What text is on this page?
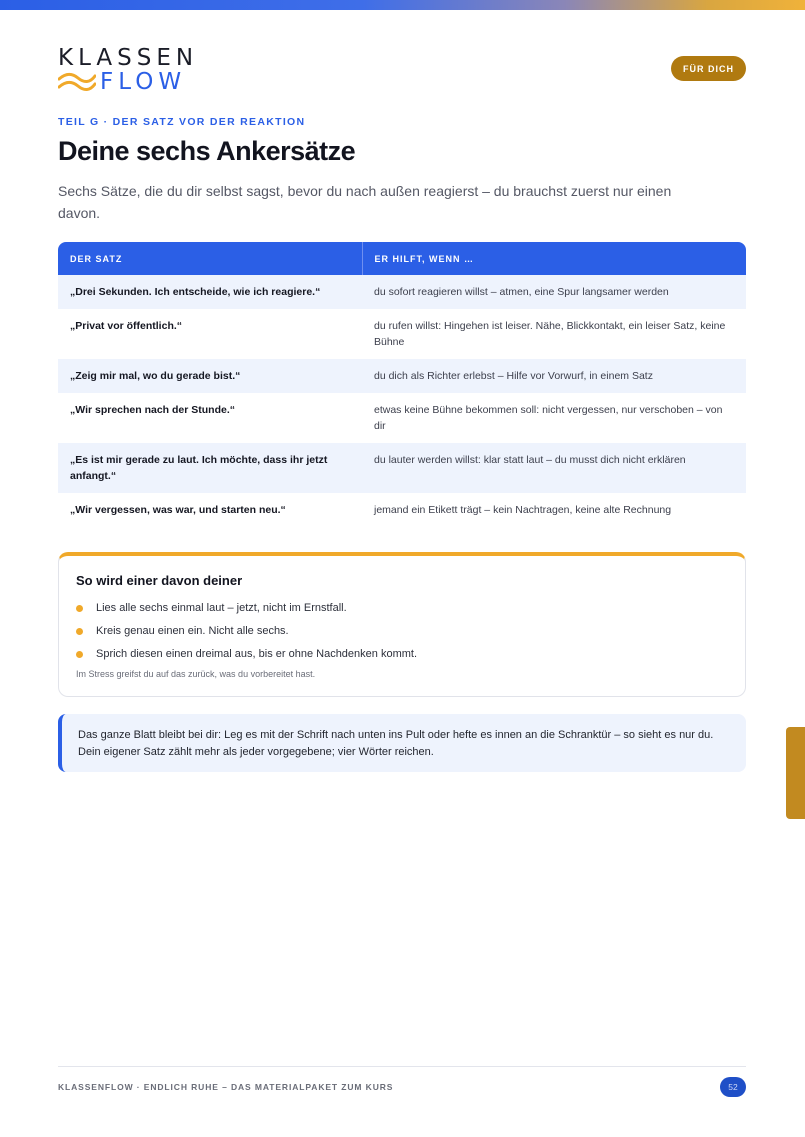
KLASSEN
FLOW
FÜR DICH
TEIL G · DER SATZ VOR DER REAKTION
Deine sechs Ankersätze

Sechs Sätze, die du dir selbst sagst, bevor du nach außen reagierst – du brauchst zuerst nur einen davon.

DER SATZ	ER HILFT, WENN …
„Drei Sekunden. Ich entscheide, wie ich reagiere.“	du sofort reagieren willst – atmen, eine Spur langsamer werden
„Privat vor öffentlich.“	du rufen willst: Hingehen ist leiser. Nähe, Blickkontakt, ein leiser Satz, keine Bühne
„Zeig mir mal, wo du gerade bist.“	du dich als Richter erlebst – Hilfe vor Vorwurf, in einem Satz
„Wir sprechen nach der Stunde.“	etwas keine Bühne bekommen soll: nicht vergessen, nur verschoben – von dir
„Es ist mir gerade zu laut. Ich möchte, dass ihr jetzt anfangt.“	du lauter werden willst: klar statt laut – du musst dich nicht erklären
„Wir vergessen, was war, und starten neu.“	jemand ein Etikett trägt – kein Nachtragen, keine alte Rechnung
So wird einer davon deiner
Lies alle sechs einmal laut – jetzt, nicht im Ernstfall.
Kreis genau einen ein. Nicht alle sechs.
Sprich diesen einen dreimal aus, bis er ohne Nachdenken kommt.
Im Stress greifst du auf das zurück, was du vorbereitet hast.
Das ganze Blatt bleibt bei dir: Leg es mit der Schrift nach unten ins Pult oder hefte es innen an die Schranktür – so sieht es nur du. Dein eigener Satz zählt mehr als jeder vorgegebene; vier Wörter reichen.
KLASSENFLOW · ENDLICH RUHE – DAS MATERIALPAKET ZUM KURS	52
